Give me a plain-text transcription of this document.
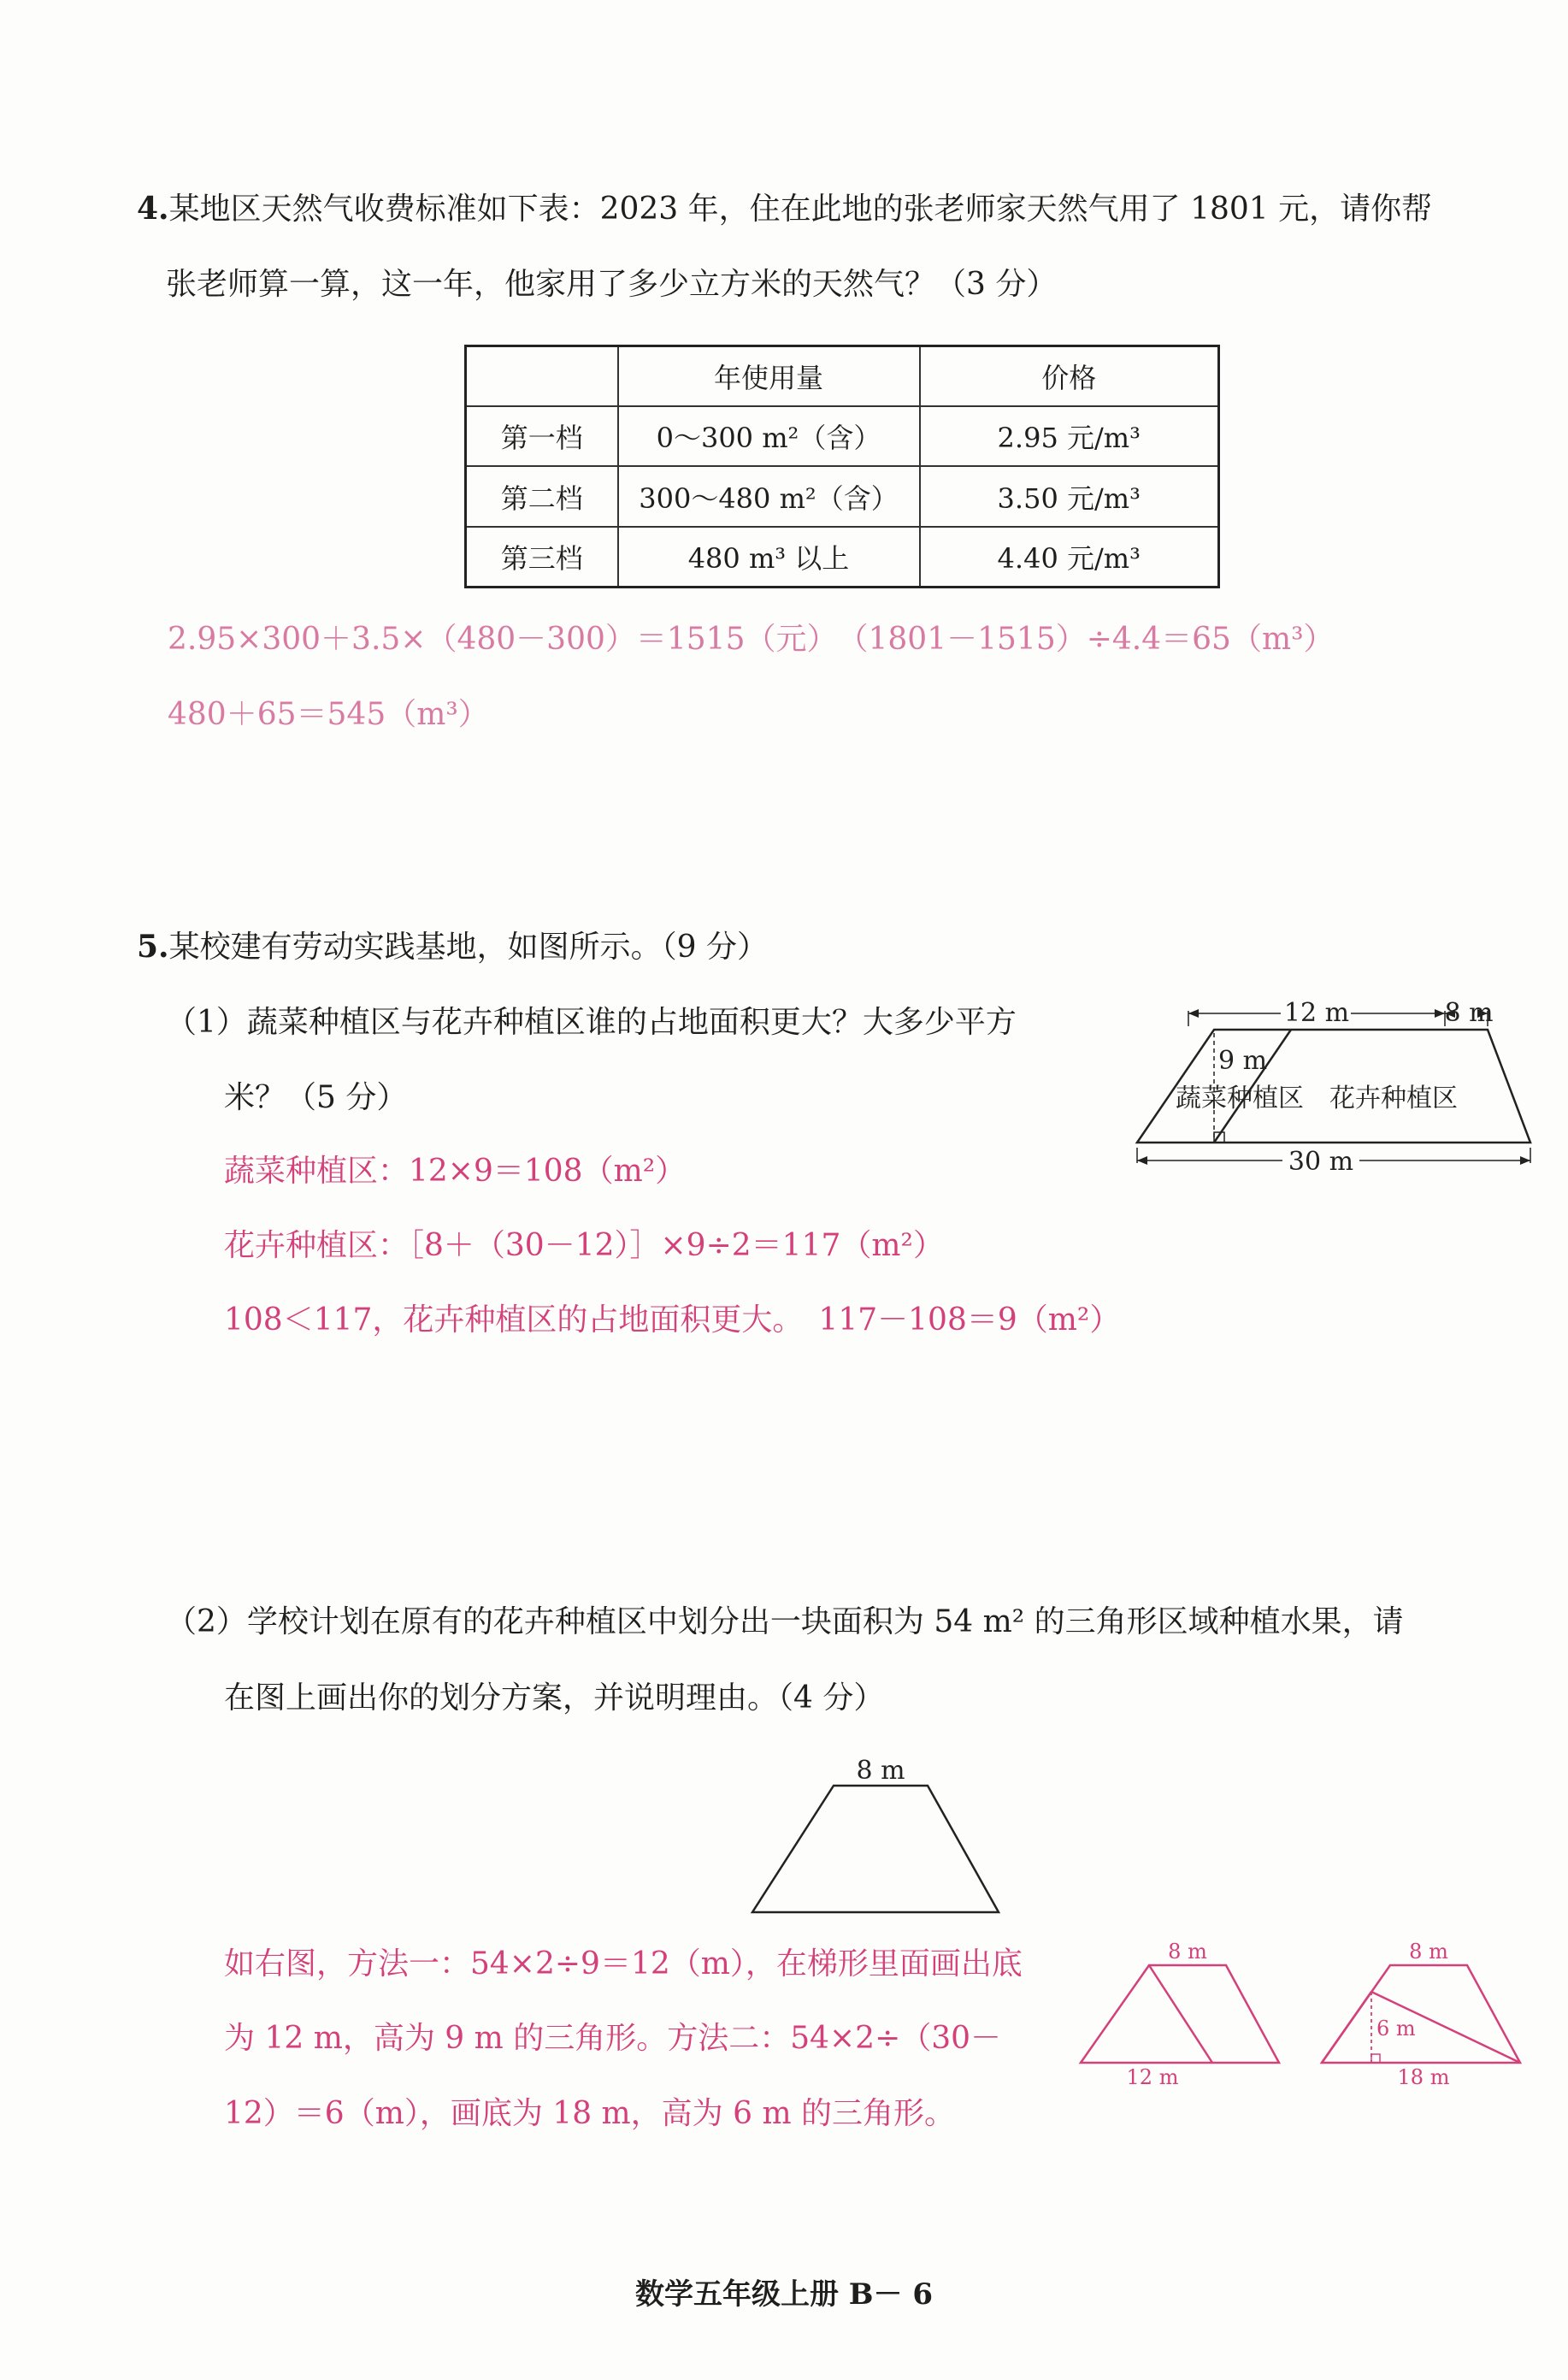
4.某地区天然气收费标准如下表：2023 年，住在此地的张老师家天然气用了 1801 元，请你帮
张老师算一算，这一年，他家用了多少立方米的天然气？（3 分）
	年使用量	价格
第一档	0～300 m²（含）	2.95 元/m³
第二档	300～480 m²（含）	3.50 元/m³
第三档	480 m³ 以上	4.40 元/m³
2.95×300＋3.5×（480－300）＝1515（元）　（1801－1515）÷4.4＝65（m³）
480＋65＝545（m³）
5.某校建有劳动实践基地，如图所示。（9 分）
（1）蔬菜种植区与花卉种植区谁的占地面积更大？大多少平方
米？（5 分）
蔬菜种植区：12×9＝108（m²）
花卉种植区：［8＋（30－12）］×9÷2＝117（m²）
108＜117，花卉种植区的占地面积更大。　117－108＝9（m²）
12 m	8 m
9 m
蔬菜种植区 花卉种植区
30 m
（2）学校计划在原有的花卉种植区中划分出一块面积为 54 m² 的三角形区域种植水果，请
在图上画出你的划分方案，并说明理由。（4 分）
8 m
如右图，方法一：54×2÷9＝12（m），在梯形里面画出底
为 12 m，高为 9 m 的三角形。方法二：54×2÷（30－
12）＝6（m），画底为 18 m，高为 6 m 的三角形。
8 m
12 m
8 m
6 m
18 m
数学五年级上册 B－ 6
